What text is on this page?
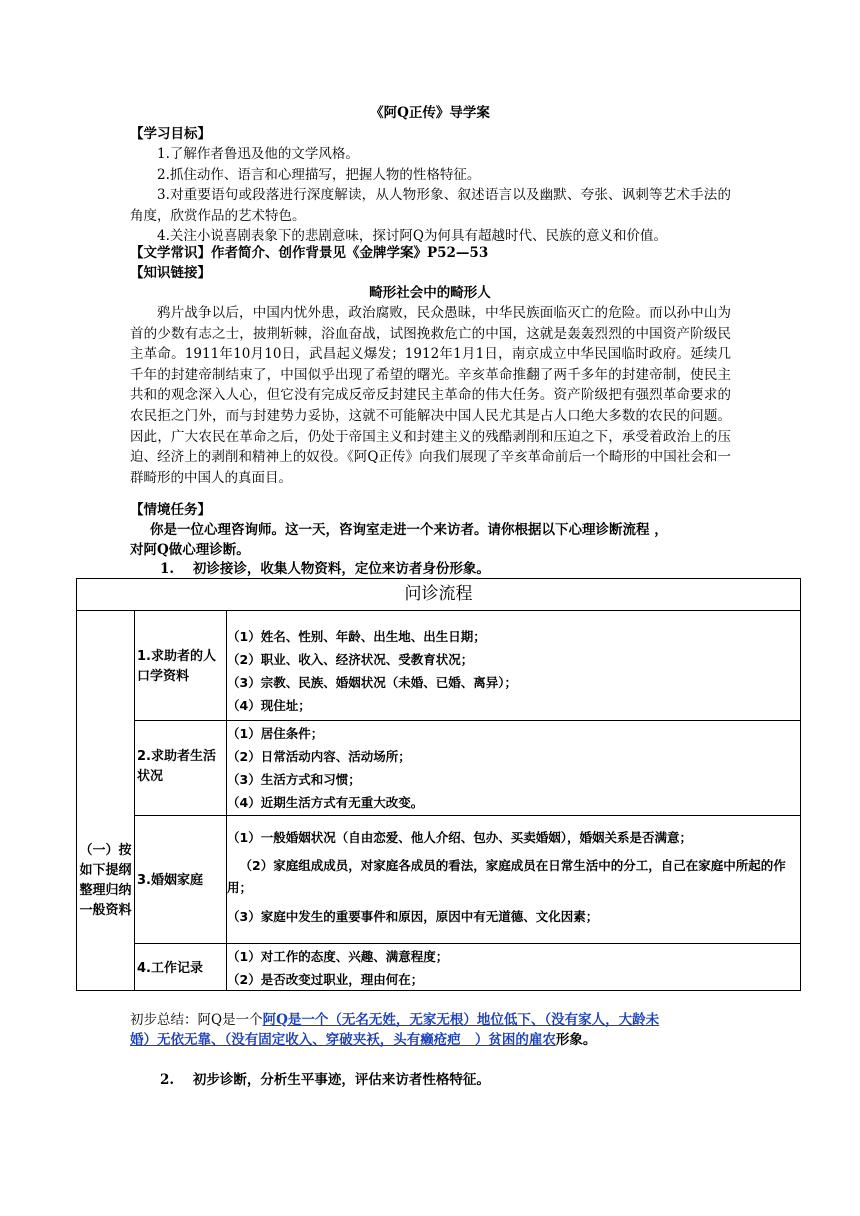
《阿Q正传》导学案
【学习目标】
1.了解作者鲁迅及他的文学风格。
2.抓住动作、语言和心理描写，把握人物的性格特征。
3.对重要语句或段落进行深度解读，从人物形象、叙述语言以及幽默、夸张、讽刺等艺术手法的角度，欣赏作品的艺术特色。
4.关注小说喜剧表象下的悲剧意味，探讨阿Q为何具有超越时代、民族的意义和价值。
【文学常识】作者简介、创作背景见《金牌学案》P52—53
【知识链接】
畸形社会中的畸形人
鸦片战争以后，中国内忧外患，政治腐败，民众愚昧，中华民族面临灭亡的危险。而以孙中山为首的少数有志之士，披荆斩棘，浴血奋战，试图挽救危亡的中国，这就是轰轰烈烈的中国资产阶级民主革命。1911年10月10日，武昌起义爆发；1912年1月1日，南京成立中华民国临时政府。延续几千年的封建帝制结束了，中国似乎出现了希望的曙光。辛亥革命推翻了两千多年的封建帝制，使民主共和的观念深入人心，但它没有完成反帝反封建民主革命的伟大任务。资产阶级把有强烈革命要求的农民拒之门外，而与封建势力妥协，这就不可能解决中国人民尤其是占人口绝大多数的农民的问题。因此，广大农民在革命之后，仍处于帝国主义和封建主义的残酷剥削和压迫之下，承受着政治上的压迫、经济上的剥削和精神上的奴役。《阿Q正传》向我们展现了辛亥革命前后一个畸形的中国社会和一群畸形的中国人的真面目。
【情境任务】
你是一位心理咨询师。这一天，咨询室走进一个来访者。请你根据以下心理诊断流程 ，
对阿Q做心理诊断。
1.    初诊接诊，收集人物资料，定位来访者身份形象。
问诊流程
（一）按如下提纲整理归纳一般资料
1.求助者的人口学资料
（1）姓名、性别、年龄、出生地、出生日期；
（2）职业、收入、经济状况、受教育状况；
（3）宗教、民族、婚姻状况（未婚、已婚、离异）；
（4）现住址；
2.求助者生活状况
（1）居住条件；
（2）日常活动内容、活动场所；
（3）生活方式和习惯；
（4）近期生活方式有无重大改变。
3.婚姻家庭
（1）一般婚姻状况（自由恋爱、他人介绍、包办、买卖婚姻），婚姻关系是否满意；
（2）家庭组成成员，对家庭各成员的看法，家庭成员在日常生活中的分工，自己在家庭中所起的作用；
（3）家庭中发生的重要事件和原因，原因中有无道德、文化因素；
4.工作记录
（1）对工作的态度、兴趣、满意程度；
（2）是否改变过职业，理由何在；
初步总结：阿Q是一个阿Q是一个（无名无姓，无家无根）地位低下、（没有家人，大龄未
婚）无依无靠、（没有固定收入、穿破夹袄，头有癞疮疤   ）贫困的雇农形象。
2.    初步诊断，分析生平事迹，评估来访者性格特征。
